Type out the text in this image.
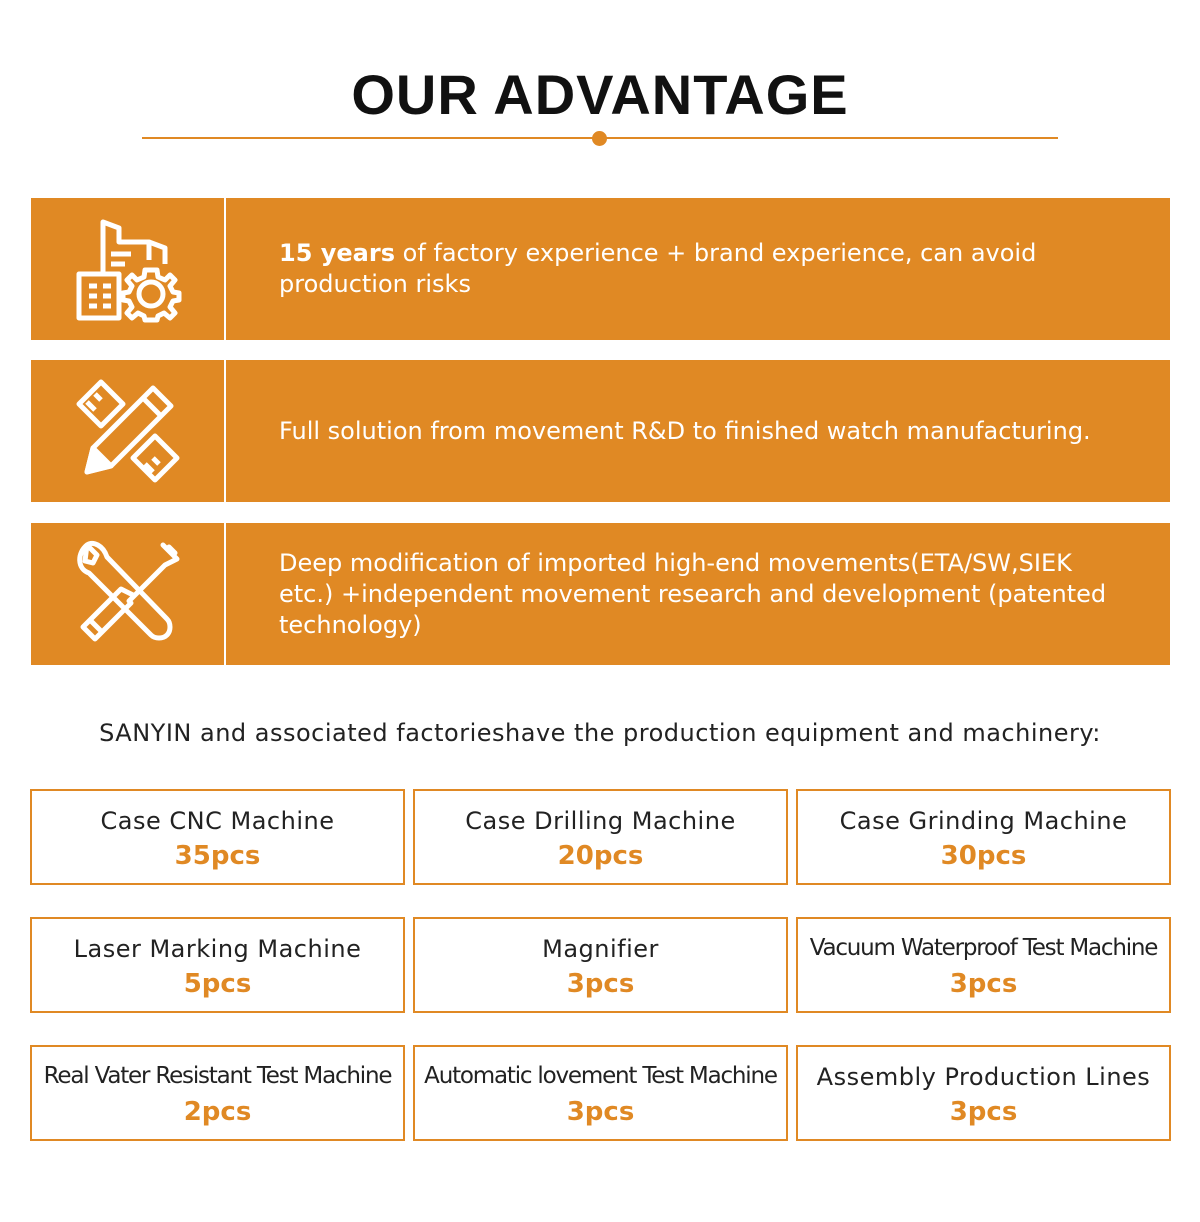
OUR ADVANTAGE
15 years of factory experience + brand experience, can avoid production risks
Full solution from movement R&D to finished watch manufacturing.
Deep modification of imported high-end movements(ETA/SW,SIEK etc.) +independent movement research and development (patented technology)
SANYIN and associated factorieshave the production equipment and machinery:
Case CNC Machine
35pcs
Case Drilling Machine
20pcs
Case Grinding Machine
30pcs
Laser Marking Machine
5pcs
Magnifier
3pcs
Vacuum Waterproof Test Machine
3pcs
Real Vater Resistant Test Machine
2pcs
Automatic lovement Test Machine
3pcs
Assembly Production Lines
3pcs
